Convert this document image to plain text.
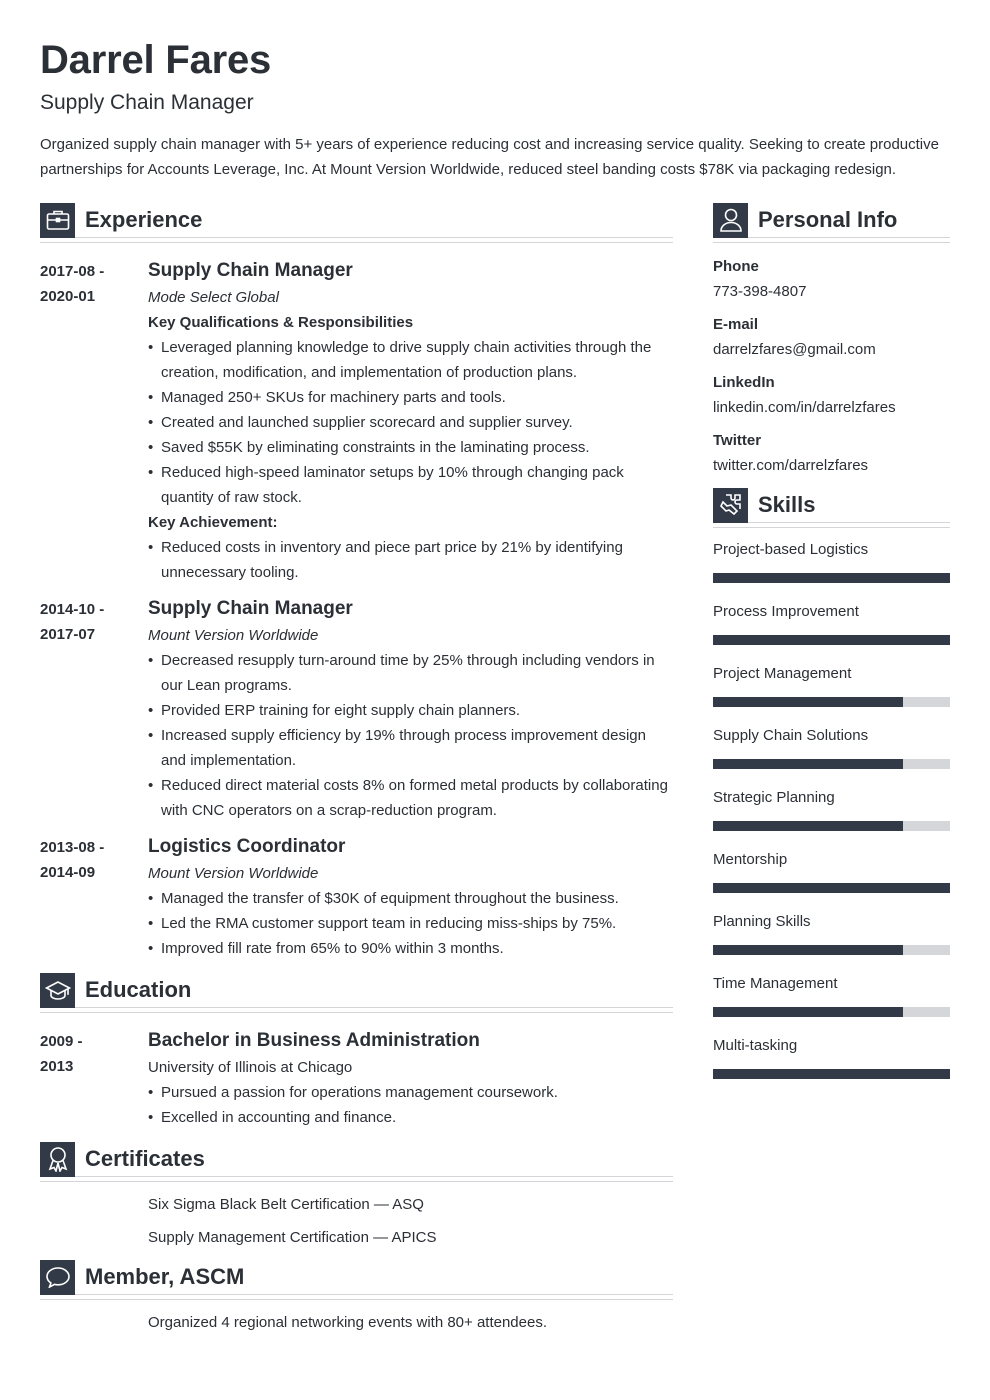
Darrel Fares
Supply Chain Manager
Organized supply chain manager with 5+ years of experience reducing cost and increasing service quality. Seeking to create productive partnerships for Accounts Leverage, Inc. At Mount Version Worldwide, reduced steel banding costs $78K via packaging redesign.
Experience
2017-08 -
2020-01
Supply Chain Manager
Mode Select Global
Key Qualifications & Responsibilities
• Leveraged planning knowledge to drive supply chain activities through the creation, modification, and implementation of production plans.
• Managed 250+ SKUs for machinery parts and tools.
• Created and launched supplier scorecard and supplier survey.
• Saved $55K by eliminating constraints in the laminating process.
• Reduced high-speed laminator setups by 10% through changing pack quantity of raw stock.
Key Achievement:
• Reduced costs in inventory and piece part price by 21% by identifying unnecessary tooling.
2014-10 -
2017-07
Supply Chain Manager
Mount Version Worldwide
• Decreased resupply turn-around time by 25% through including vendors in our Lean programs.
• Provided ERP training for eight supply chain planners.
• Increased supply efficiency by 19% through process improvement design and implementation.
• Reduced direct material costs 8% on formed metal products by collaborating with CNC operators on a scrap-reduction program.
2013-08 -
2014-09
Logistics Coordinator
Mount Version Worldwide
• Managed the transfer of $30K of equipment throughout the business.
• Led the RMA customer support team in reducing miss-ships by 75%.
• Improved fill rate from 65% to 90% within 3 months.
Education
2009 -
2013
Bachelor in Business Administration
University of Illinois at Chicago
• Pursued a passion for operations management coursework.
• Excelled in accounting and finance.
Certificates
Six Sigma Black Belt Certification — ASQ
Supply Management Certification — APICS
Member, ASCM
Organized 4 regional networking events with 80+ attendees.
Personal Info
Phone
773-398-4807
E-mail
darrelzfares@gmail.com
LinkedIn
linkedin.com/in/darrelzfares
Twitter
twitter.com/darrelzfares
Skills
Project-based Logistics
Process Improvement
Project Management
Supply Chain Solutions
Strategic Planning
Mentorship
Planning Skills
Time Management
Multi-tasking
